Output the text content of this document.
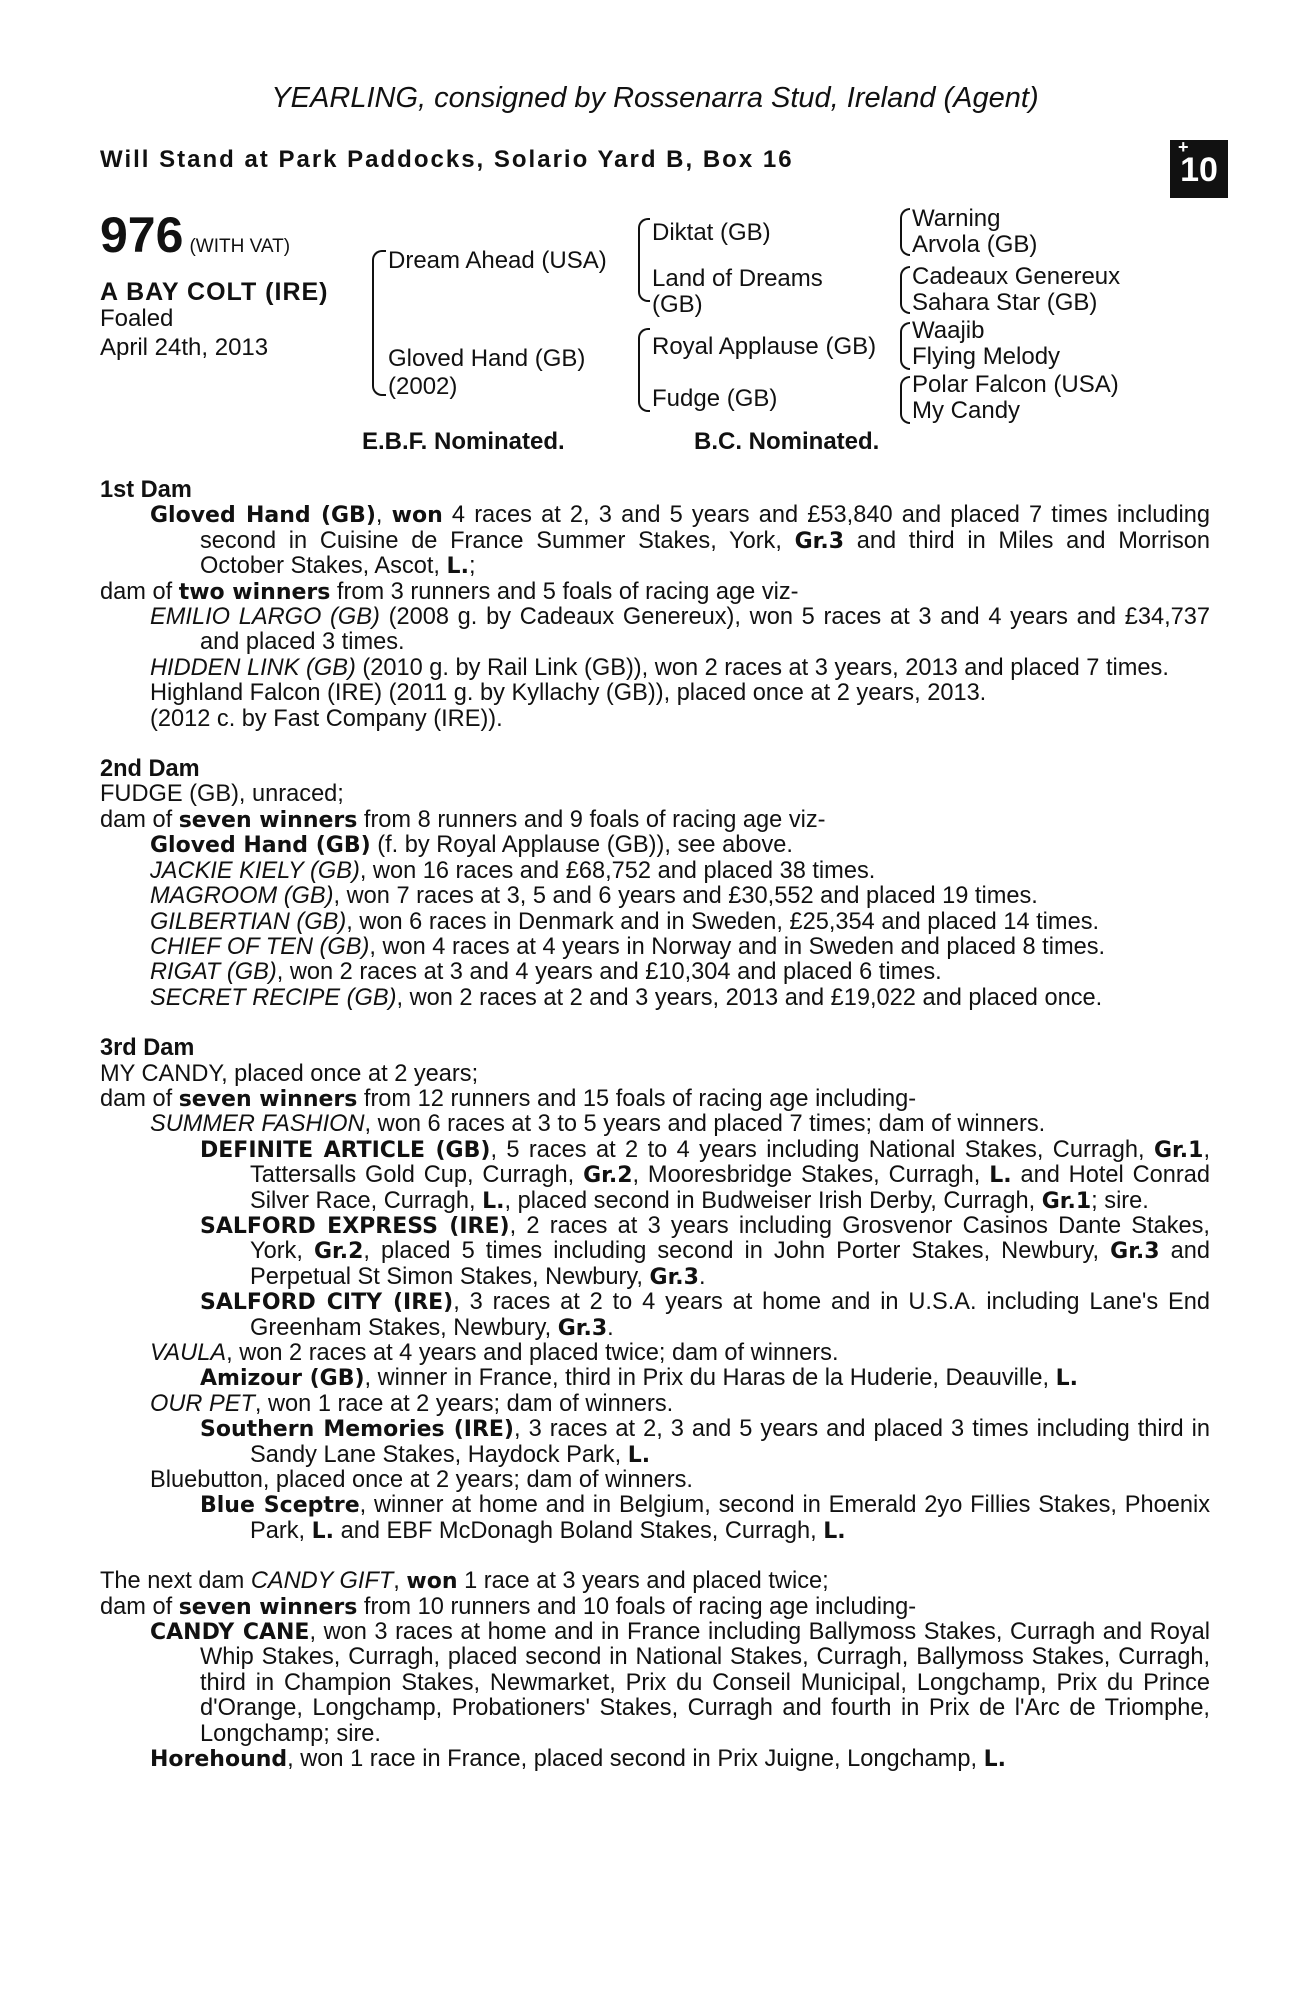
YEARLING, consigned by Rossenarra Stud, Ireland (Agent)
Will Stand at Park Paddocks, Solario Yard B, Box 16	+
10
976 (WITH VAT)
A BAY COLT (IRE)
Foaled
April 24th, 2013
Dream Ahead (USA)
Gloved Hand (GB)
(2002)
Diktat (GB)
Land of Dreams
(GB)
Royal Applause (GB)
Fudge (GB)
Warning
Arvola (GB)
Cadeaux Genereux
Sahara Star (GB)
Waajib
Flying Melody
Polar Falcon (USA)
My Candy
E.B.F. Nominated.	B.C. Nominated.

1st Dam

Gloved Hand (GB), won 4 races at 2, 3 and 5 years and £53,840 and placed 7 times including second in Cuisine de France Summer Stakes, York, Gr.3 and third in Miles and Morrison October Stakes, Ascot, L.;

dam of two winners from 3 runners and 5 foals of racing age viz-

EMILIO LARGO (GB) (2008 g. by Cadeaux Genereux), won 5 races at 3 and 4 years and £34,737 and placed 3 times.

HIDDEN LINK (GB) (2010 g. by Rail Link (GB)), won 2 races at 3 years, 2013 and placed 7 times.

Highland Falcon (IRE) (2011 g. by Kyllachy (GB)), placed once at 2 years, 2013.

(2012 c. by Fast Company (IRE)).

2nd Dam

FUDGE (GB), unraced;

dam of seven winners from 8 runners and 9 foals of racing age viz-

Gloved Hand (GB) (f. by Royal Applause (GB)), see above.

JACKIE KIELY (GB), won 16 races and £68,752 and placed 38 times.

MAGROOM (GB), won 7 races at 3, 5 and 6 years and £30,552 and placed 19 times.

GILBERTIAN (GB), won 6 races in Denmark and in Sweden, £25,354 and placed 14 times.

CHIEF OF TEN (GB), won 4 races at 4 years in Norway and in Sweden and placed 8 times.

RIGAT (GB), won 2 races at 3 and 4 years and £10,304 and placed 6 times.

SECRET RECIPE (GB), won 2 races at 2 and 3 years, 2013 and £19,022 and placed once.

3rd Dam

MY CANDY, placed once at 2 years;

dam of seven winners from 12 runners and 15 foals of racing age including-

SUMMER FASHION, won 6 races at 3 to 5 years and placed 7 times; dam of winners.

DEFINITE ARTICLE (GB), 5 races at 2 to 4 years including National Stakes, Curragh, Gr.1, Tattersalls Gold Cup, Curragh, Gr.2, Mooresbridge Stakes, Curragh, L. and Hotel Conrad Silver Race, Curragh, L., placed second in Budweiser Irish Derby, Curragh, Gr.1; sire.

SALFORD EXPRESS (IRE), 2 races at 3 years including Grosvenor Casinos Dante Stakes, York, Gr.2, placed 5 times including second in John Porter Stakes, Newbury, Gr.3 and Perpetual St Simon Stakes, Newbury, Gr.3.

SALFORD CITY (IRE), 3 races at 2 to 4 years at home and in U.S.A. including Lane's End Greenham Stakes, Newbury, Gr.3.

VAULA, won 2 races at 4 years and placed twice; dam of winners.

Amizour (GB), winner in France, third in Prix du Haras de la Huderie, Deauville, L.

OUR PET, won 1 race at 2 years; dam of winners.

Southern Memories (IRE), 3 races at 2, 3 and 5 years and placed 3 times including third in Sandy Lane Stakes, Haydock Park, L.

Bluebutton, placed once at 2 years; dam of winners.

Blue Sceptre, winner at home and in Belgium, second in Emerald 2yo Fillies Stakes, Phoenix Park, L. and EBF McDonagh Boland Stakes, Curragh, L.

The next dam CANDY GIFT, won 1 race at 3 years and placed twice;

dam of seven winners from 10 runners and 10 foals of racing age including-

CANDY CANE, won 3 races at home and in France including Ballymoss Stakes, Curragh and Royal Whip Stakes, Curragh, placed second in National Stakes, Curragh, Ballymoss Stakes, Curragh, third in Champion Stakes, Newmarket, Prix du Conseil Municipal, Longchamp, Prix du Prince d'Orange, Longchamp, Probationers' Stakes, Curragh and fourth in Prix de l'Arc de Triomphe, Longchamp; sire.

Horehound, won 1 race in France, placed second in Prix Juigne, Longchamp, L.
